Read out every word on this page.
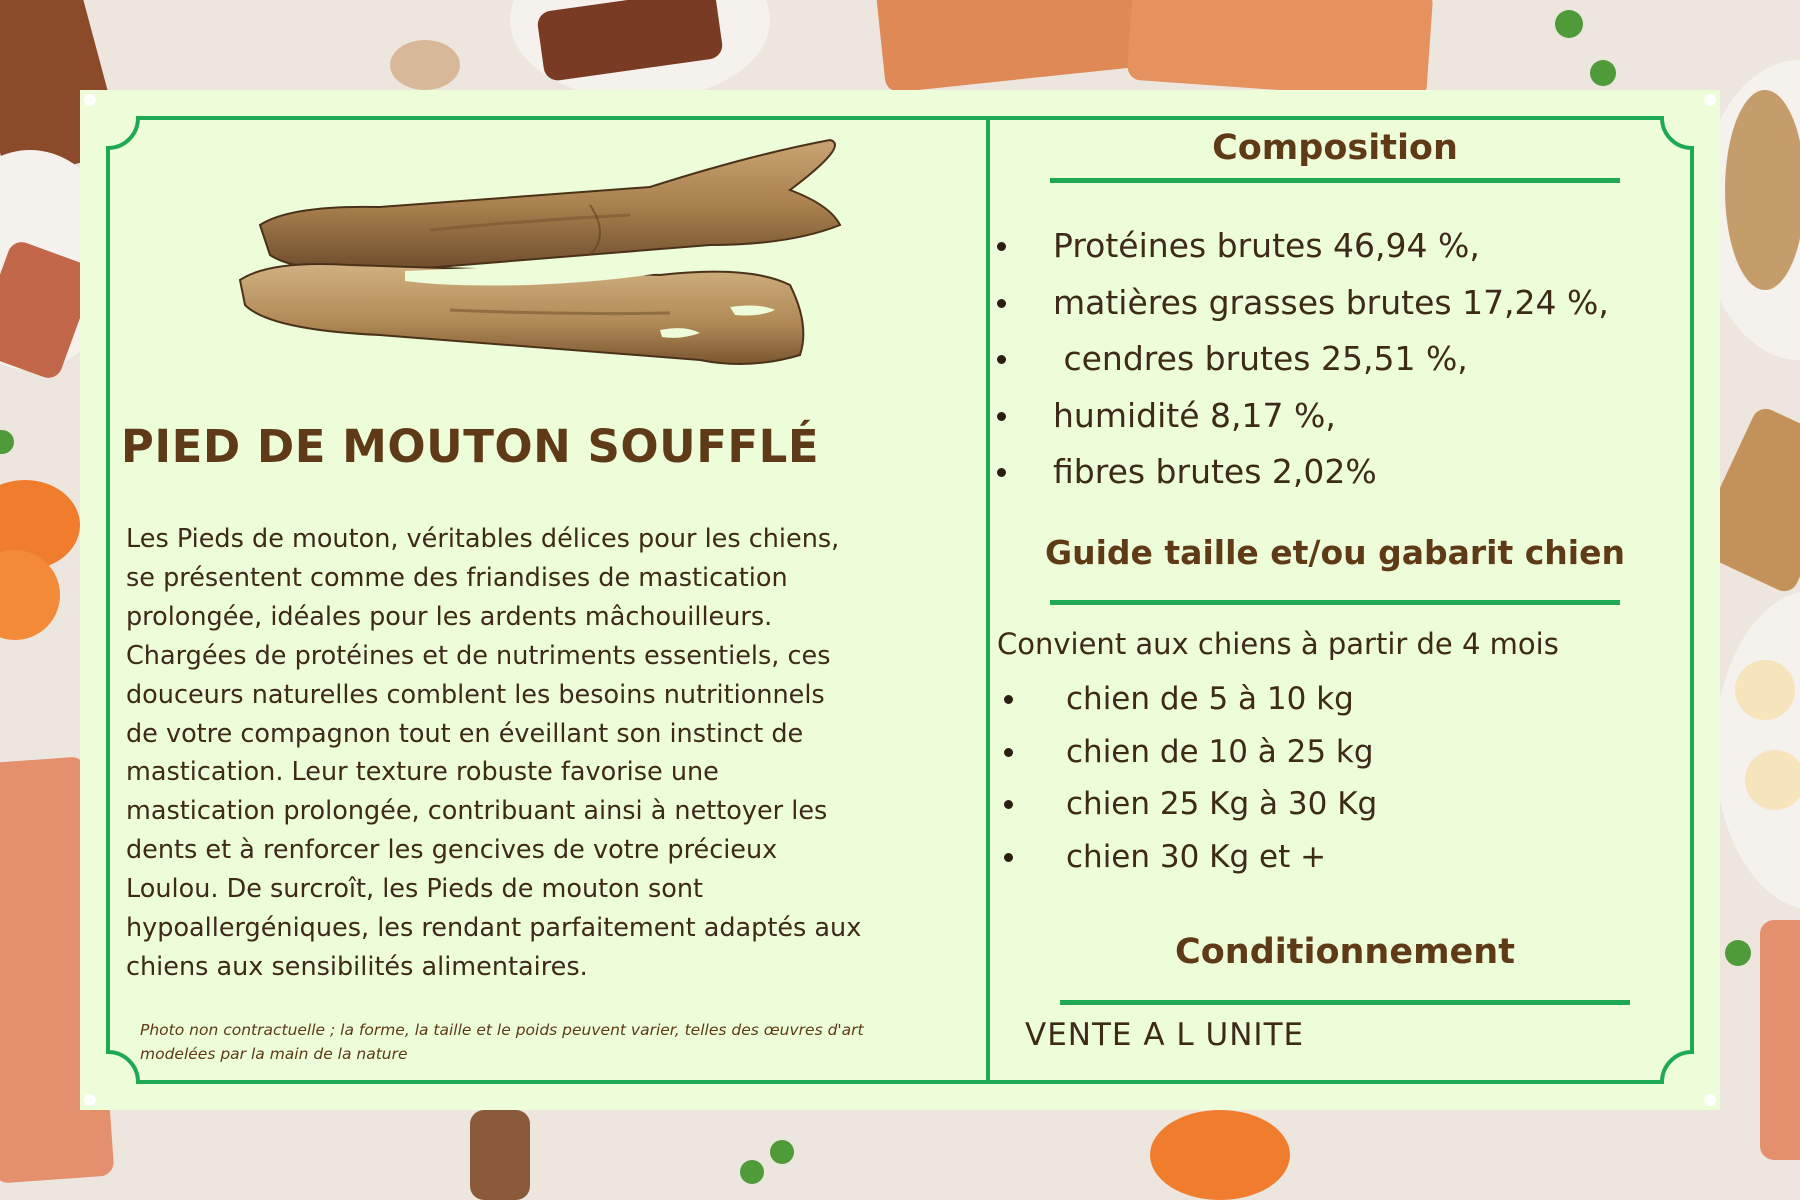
PIED DE MOUTON SOUFFLÉ

Les Pieds de mouton, véritables délices pour les chiens,
se présentent comme des friandises de mastication
prolongée, idéales pour les ardents mâchouilleurs.
Chargées de protéines et de nutriments essentiels, ces
douceurs naturelles comblent les besoins nutritionnels
de votre compagnon tout en éveillant son instinct de
mastication. Leur texture robuste favorise une
mastication prolongée, contribuant ainsi à nettoyer les
dents et à renforcer les gencives de votre précieux
Loulou. De surcroît, les Pieds de mouton sont
hypoallergéniques, les rendant parfaitement adaptés aux
chiens aux sensibilités alimentaires.

Photo non contractuelle ; la forme, la taille et le poids peuvent varier, telles des œuvres d'art
modelées par la main de la nature

Composition
Protéines brutes 46,94 %,
matières grasses brutes 17,24 %,
cendres brutes 25,51 %,
humidité 8,17 %,
fibres brutes 2,02%
Guide taille et/ou gabarit chien

Convient aux chiens à partir de 4 mois

chien de 5 à 10 kg
chien de 10 à 25 kg
chien 25 Kg à 30 Kg
chien 30 Kg et +
Conditionnement

VENTE A L UNITE
